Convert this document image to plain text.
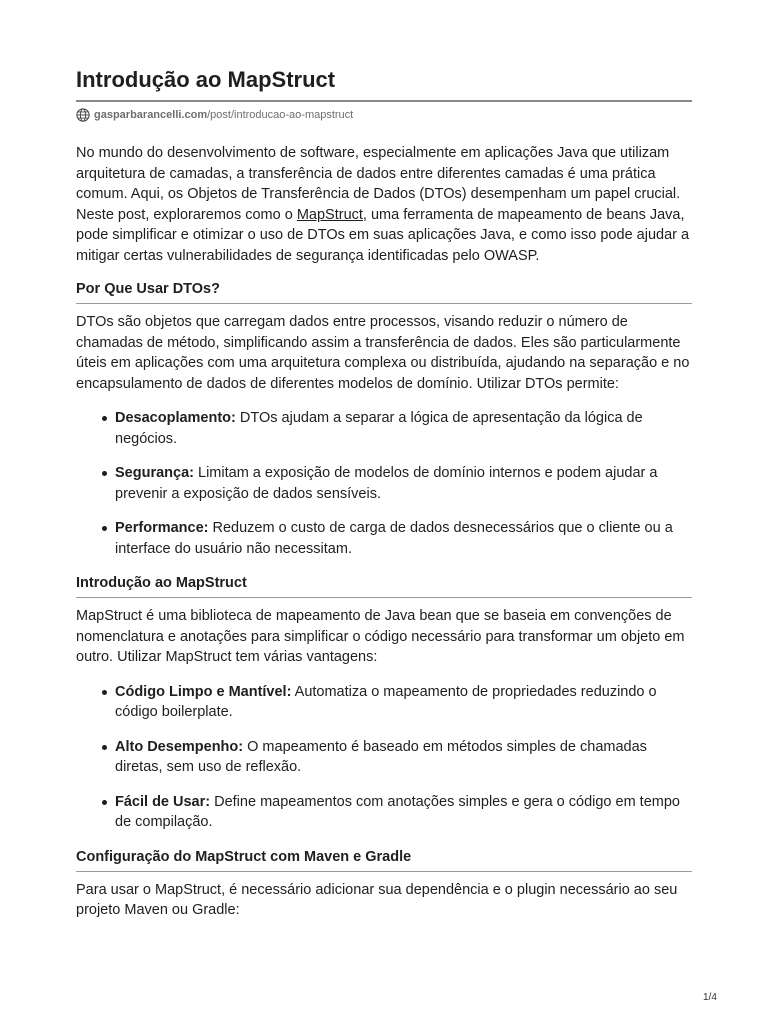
Introdução ao MapStruct
gasparbarancelli.com /post/introducao-ao-mapstruct

No mundo do desenvolvimento de software, especialmente em aplicações Java que utilizam arquitetura de camadas, a transferência de dados entre diferentes camadas é uma prática comum. Aqui, os Objetos de Transferência de Dados (DTOs) desempenham um papel crucial. Neste post, exploraremos como o MapStruct, uma ferramenta de mapeamento de beans Java, pode simplificar e otimizar o uso de DTOs em suas aplicações Java, e como isso pode ajudar a mitigar certas vulnerabilidades de segurança identificadas pelo OWASP.

Por Que Usar DTOs?

DTOs são objetos que carregam dados entre processos, visando reduzir o número de chamadas de método, simplificando assim a transferência de dados. Eles são particularmente úteis em aplicações com uma arquitetura complexa ou distribuída, ajudando na separação e no encapsulamento de dados de diferentes modelos de domínio. Utilizar DTOs permite:

Desacoplamento: DTOs ajudam a separar a lógica de apresentação da lógica de negócios.
Segurança: Limitam a exposição de modelos de domínio internos e podem ajudar a prevenir a exposição de dados sensíveis.
Performance: Reduzem o custo de carga de dados desnecessários que o cliente ou a interface do usuário não necessitam.
Introdução ao MapStruct

MapStruct é uma biblioteca de mapeamento de Java bean que se baseia em convenções de nomenclatura e anotações para simplificar o código necessário para transformar um objeto em outro. Utilizar MapStruct tem várias vantagens:

Código Limpo e Mantível: Automatiza o mapeamento de propriedades reduzindo o código boilerplate.
Alto Desempenho: O mapeamento é baseado em métodos simples de chamadas diretas, sem uso de reflexão.
Fácil de Usar: Define mapeamentos com anotações simples e gera o código em tempo de compilação.
Configuração do MapStruct com Maven e Gradle

Para usar o MapStruct, é necessário adicionar sua dependência e o plugin necessário ao seu projeto Maven ou Gradle:

1/4
